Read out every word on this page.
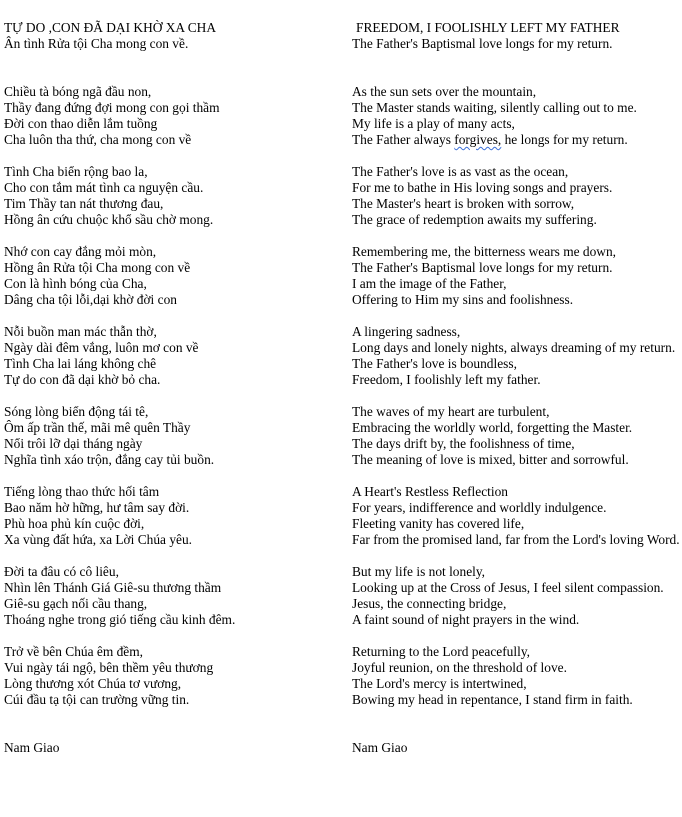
TỰ DO ,CON ĐÃ DẠI KHỜ XA CHA
Ân tình Rửa tội Cha mong con về.
Chiều tà bóng ngã đầu non,
Thầy đang đứng đợi mong con gọi thầm
Đời con thao diễn lắm tuồng
Cha luôn tha thứ, cha mong con về
Tình Cha biển rộng bao la,
Cho con tắm mát tình ca nguyện cầu.
Tim Thầy tan nát thương đau,
Hồng ân cứu chuộc khổ sầu chờ mong.
Nhớ con cay đắng mỏi mòn,
Hồng ân Rửa tội Cha mong con về
Con là hình bóng của Cha,
Dâng cha tội lỗi,dại khờ đời con
Nỗi buồn man mác thẫn thờ,
Ngày dài đêm vắng, luôn mơ con về
Tình Cha lai láng không chê
Tự do con đã dại khờ bỏ cha.
Sóng lòng biển động tái tê,
Ôm ấp trần thế, mãi mê quên Thầy
Nổi trôi lỡ dại tháng ngày
Nghĩa tình xáo trộn, đắng cay tủi buồn.
Tiếng lòng thao thức hối tâm
Bao năm hờ hững, hư tâm say đời.
Phù hoa phủ kín cuộc đời,
Xa vùng đất hứa, xa Lời Chúa yêu.
Đời ta đâu có cô liêu,
Nhìn lên Thánh Giá Giê-su thương thầm
Giê-su gạch nối cầu thang,
Thoáng nghe trong gió tiếng cầu kinh đêm.
Trở về bên Chúa êm đềm,
Vui ngày tái ngộ, bên thềm yêu thương
Lòng thương xót Chúa tơ vương,
Cúi đầu tạ tội can trường vững tin.
Nam Giao
FREEDOM, I FOOLISHLY LEFT MY FATHER
The Father's Baptismal love longs for my return.
As the sun sets over the mountain,
The Master stands waiting, silently calling out to me.
My life is a play of many acts,
The Father always forgives, he longs for my return.
The Father's love is as vast as the ocean,
For me to bathe in His loving songs and prayers.
The Master's heart is broken with sorrow,
The grace of redemption awaits my suffering.
Remembering me, the bitterness wears me down,
The Father's Baptismal love longs for my return.
I am the image of the Father,
Offering to Him my sins and foolishness.
A lingering sadness,
Long days and lonely nights, always dreaming of my return.
The Father's love is boundless,
Freedom, I foolishly left my father.
The waves of my heart are turbulent,
Embracing the worldly world, forgetting the Master.
The days drift by, the foolishness of time,
The meaning of love is mixed, bitter and sorrowful.
A Heart's Restless Reflection
For years, indifference and worldly indulgence.
Fleeting vanity has covered life,
Far from the promised land, far from the Lord's loving Word.
But my life is not lonely,
Looking up at the Cross of Jesus, I feel silent compassion.
Jesus, the connecting bridge,
A faint sound of night prayers in the wind.
Returning to the Lord peacefully,
Joyful reunion, on the threshold of love.
The Lord's mercy is intertwined,
Bowing my head in repentance, I stand firm in faith.
Nam Giao
